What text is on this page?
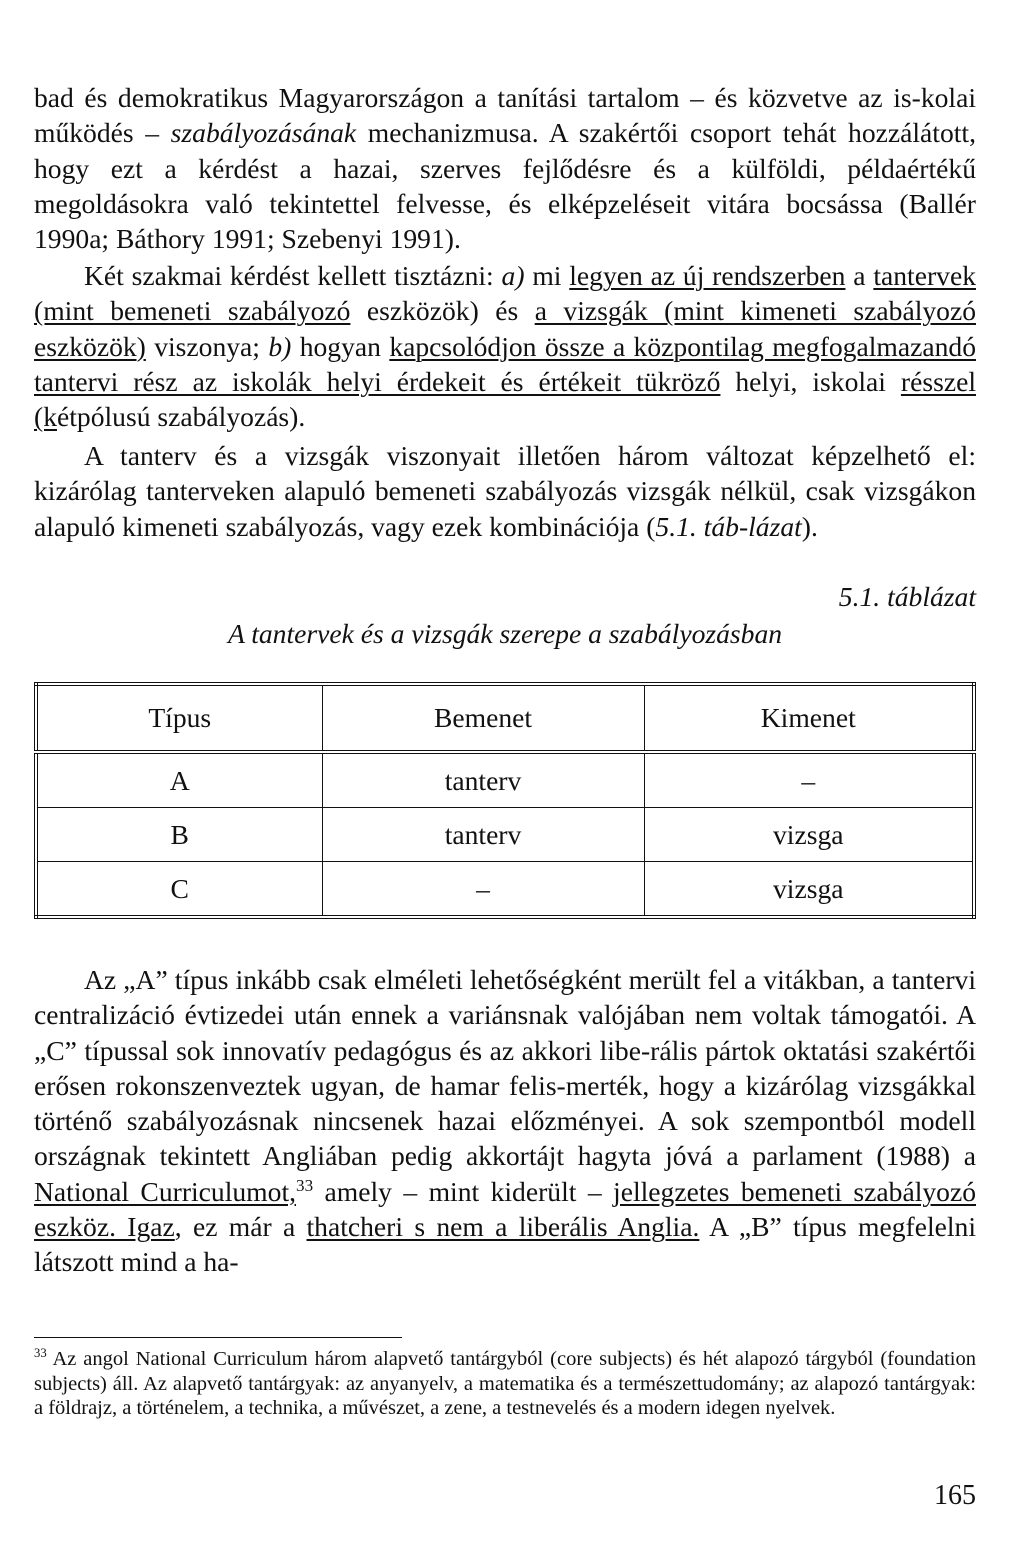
bad és demokratikus Magyarországon a tanítási tartalom – és közvetve az is-kolai működés – szabályozásának mechanizmusa. A szakértői csoport tehát hozzálátott, hogy ezt a kérdést a hazai, szerves fejlődésre és a külföldi, példaértékű megoldásokra való tekintettel felvesse, és elképzeléseit vitára bocsássa (Ballér 1990a; Báthory 1991; Szebenyi 1991).

Két szakmai kérdést kellett tisztázni: a) mi legyen az új rendszerben a tantervek (mint bemeneti szabályozó eszközök) és a vizsgák (mint kimeneti szabályozó eszközök) viszonya; b) hogyan kapcsolódjon össze a központilag megfogalmazandó tantervi rész az iskolák helyi érdekeit és értékeit tükröző helyi, iskolai résszel (kétpólusú szabályozás).

A tanterv és a vizsgák viszonyait illetően három változat képzelhető el: kizárólag tanterveken alapuló bemeneti szabályozás vizsgák nélkül, csak vizsgákon alapuló kimeneti szabályozás, vagy ezek kombinációja (5.1. táb-lázat).

5.1. táblázat
A tantervek és a vizsgák szerepe a szabályozásban
Típus	Bemenet	Kimenet
A	tanterv	–
B	tanterv	vizsga
C	–	vizsga

Az „A” típus inkább csak elméleti lehetőségként merült fel a vitákban, a tantervi centralizáció évtizedei után ennek a variánsnak valójában nem voltak támogatói. A „C” típussal sok innovatív pedagógus és az akkori libe-rális pártok oktatási szakértői erősen rokonszenveztek ugyan, de hamar felis-merték, hogy a kizárólag vizsgákkal történő szabályozásnak nincsenek hazai előzményei. A sok szempontból modell országnak tekintett Angliában pedig akkortájt hagyta jóvá a parlament (1988) a National Curriculumot,$^{33}$ amely – mint kiderült – jellegzetes bemeneti szabályozó eszköz. Igaz, ez már a thatcheri s nem a liberális Anglia. A „B” típus megfelelni látszott mind a ha-

$^{33}$ Az angol National Curriculum három alapvető tantárgyból (core subjects) és hét alapozó tárgyból (foundation subjects) áll. Az alapvető tantárgyak: az anyanyelv, a matematika és a természettudomány; az alapozó tantárgyak: a földrajz, a történelem, a technika, a művészet, a zene, a testnevelés és a modern idegen nyelvek.

165
